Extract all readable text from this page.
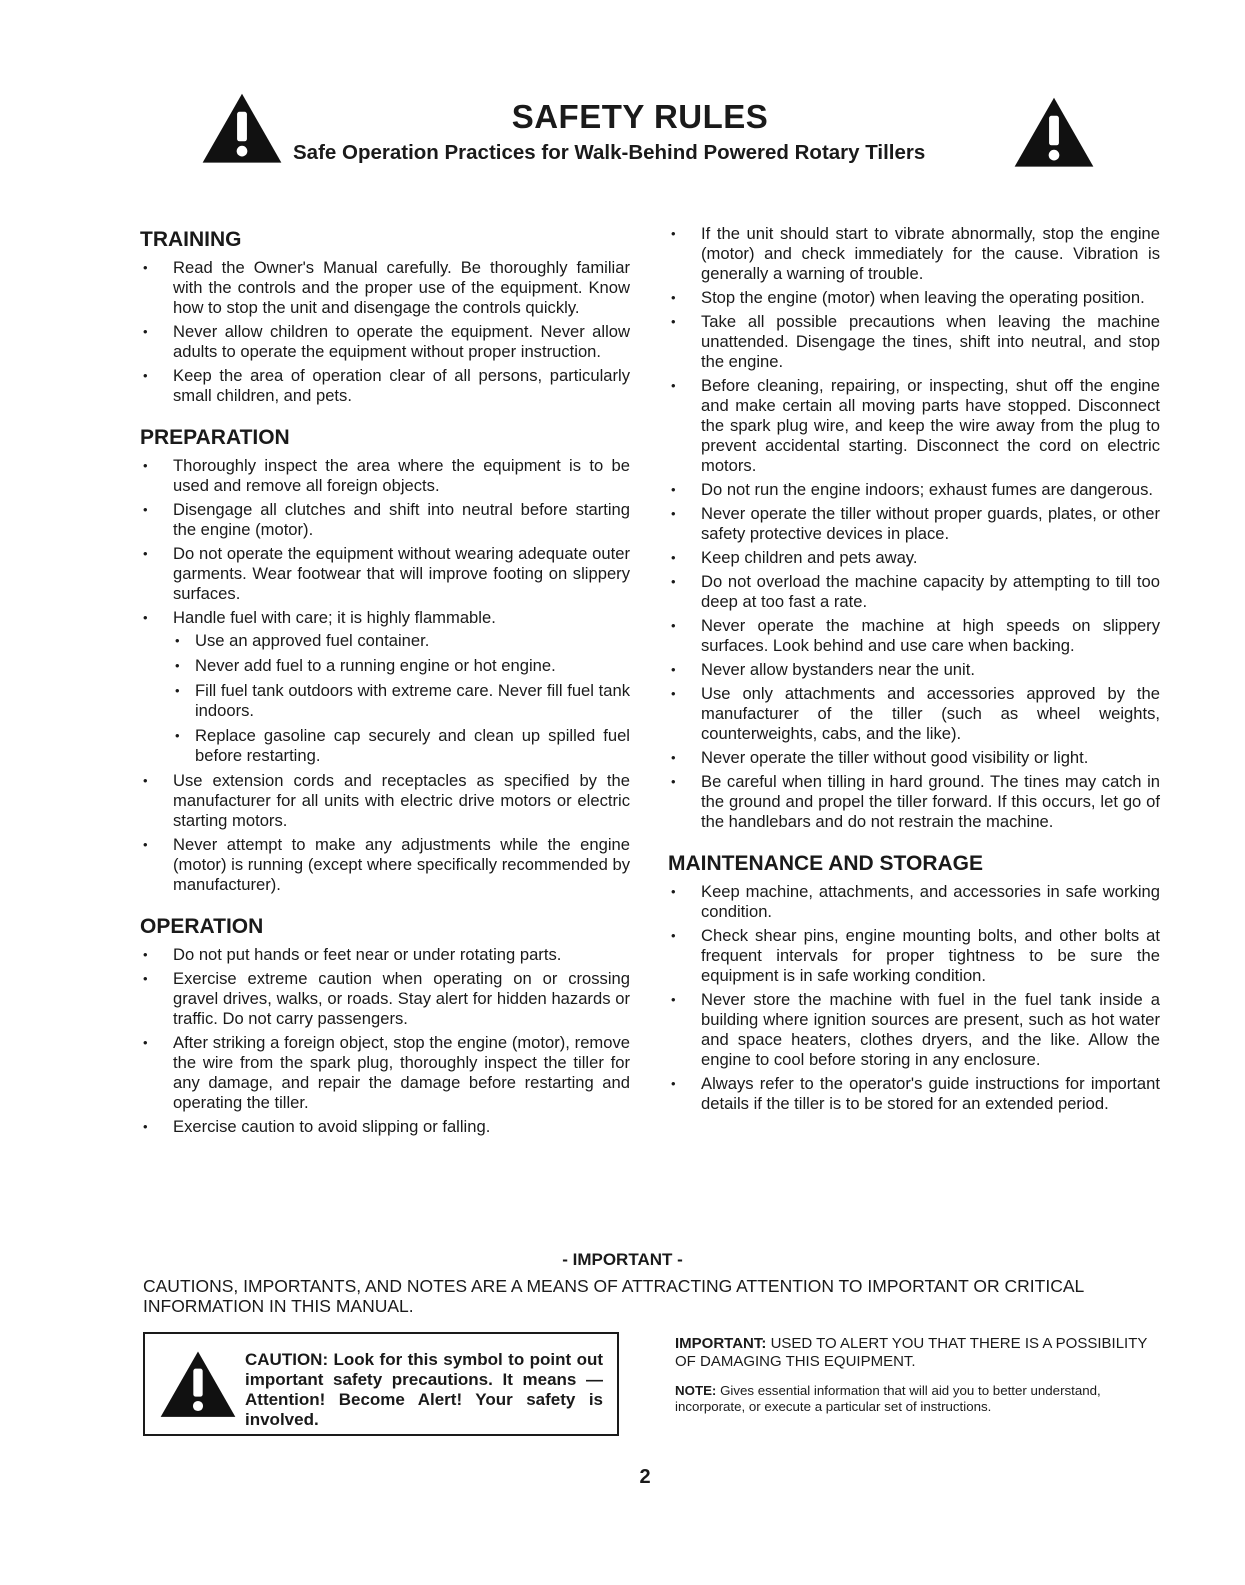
SAFETY RULES
Safe Operation Practices for Walk-Behind Powered Rotary Tillers
TRAINING
• Read the Owner's Manual carefully. Be thoroughly familiar with the controls and the proper use of the equipment. Know how to stop the unit and disengage the controls quickly.
• Never allow children to operate the equipment. Never allow adults to operate the equipment without proper instruction.
• Keep the area of operation clear of all persons, particularly small children, and pets.
PREPARATION
• Thoroughly inspect the area where the equipment is to be used and remove all foreign objects.
• Disengage all clutches and shift into neutral before starting the engine (motor).
• Do not operate the equipment without wearing adequate outer garments. Wear footwear that will improve footing on slippery surfaces.
• Handle fuel with care; it is highly flammable.
• Use an approved fuel container.
• Never add fuel to a running engine or hot engine.
• Fill fuel tank outdoors with extreme care. Never fill fuel tank indoors.
• Replace gasoline cap securely and clean up spilled fuel before restarting.
• Use extension cords and receptacles as specified by the manufacturer for all units with electric drive motors or electric starting motors.
• Never attempt to make any adjustments while the engine (motor) is running (except where specifically recommended by manufacturer).
OPERATION
• Do not put hands or feet near or under rotating parts.
• Exercise extreme caution when operating on or crossing gravel drives, walks, or roads. Stay alert for hidden hazards or traffic. Do not carry passengers.
• After striking a foreign object, stop the engine (motor), remove the wire from the spark plug, thoroughly inspect the tiller for any damage, and repair the damage before restarting and operating the tiller.
• Exercise caution to avoid slipping or falling.
• If the unit should start to vibrate abnormally, stop the engine (motor) and check immediately for the cause. Vibration is generally a warning of trouble.
• Stop the engine (motor) when leaving the operating position.
• Take all possible precautions when leaving the machine unattended. Disengage the tines, shift into neutral, and stop the engine.
• Before cleaning, repairing, or inspecting, shut off the engine and make certain all moving parts have stopped. Disconnect the spark plug wire, and keep the wire away from the plug to prevent accidental starting. Disconnect the cord on electric motors.
• Do not run the engine indoors; exhaust fumes are dangerous.
• Never operate the tiller without proper guards, plates, or other safety protective devices in place.
• Keep children and pets away.
• Do not overload the machine capacity by attempting to till too deep at too fast a rate.
• Never operate the machine at high speeds on slippery surfaces. Look behind and use care when backing.
• Never allow bystanders near the unit.
• Use only attachments and accessories approved by the manufacturer of the tiller (such as wheel weights, counterweights, cabs, and the like).
• Never operate the tiller without good visibility or light.
• Be careful when tilling in hard ground. The tines may catch in the ground and propel the tiller forward. If this occurs, let go of the handlebars and do not restrain the machine.
MAINTENANCE AND STORAGE
• Keep machine, attachments, and accessories in safe working condition.
• Check shear pins, engine mounting bolts, and other bolts at frequent intervals for proper tightness to be sure the equipment is in safe working condition.
• Never store the machine with fuel in the fuel tank inside a building where ignition sources are present, such as hot water and space heaters, clothes dryers, and the like. Allow the engine to cool before storing in any enclosure.
• Always refer to the operator's guide instructions for important details if the tiller is to be stored for an extended period.
- IMPORTANT -
CAUTIONS, IMPORTANTS, AND NOTES ARE A MEANS OF ATTRACTING ATTENTION TO IMPORTANT OR CRITICAL INFORMATION IN THIS MANUAL.
CAUTION: Look for this symbol to point out important safety precautions. It means —Attention! Become Alert! Your safety is involved.
IMPORTANT: USED TO ALERT YOU THAT THERE IS A POSSIBILITY OF DAMAGING THIS EQUIPMENT.
NOTE: Gives essential information that will aid you to better understand, incorporate, or execute a particular set of instructions.
2
